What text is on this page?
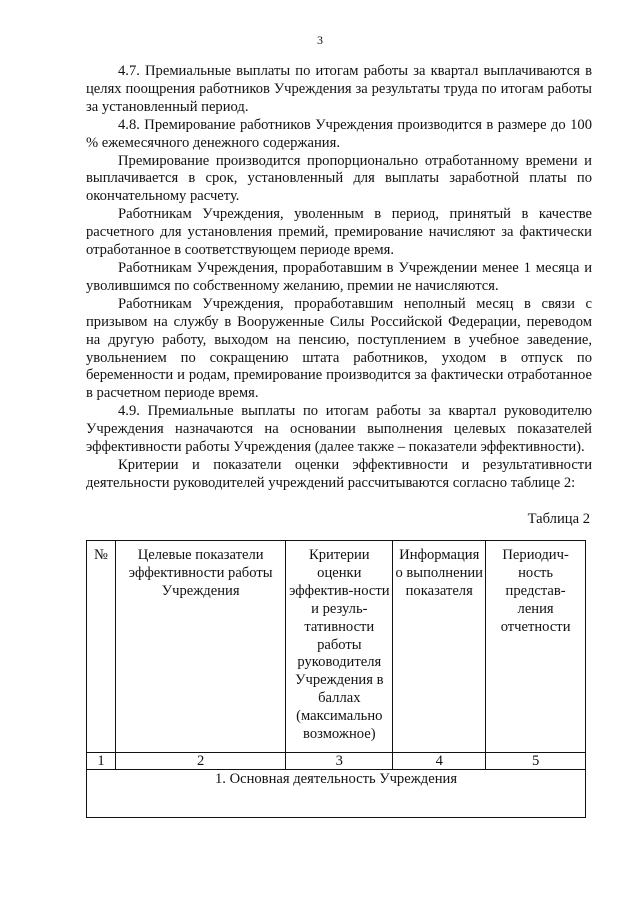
3

4.7. Премиальные выплаты по итогам работы за квартал выплачиваются в целях поощрения работников Учреждения за результаты труда по итогам работы за установленный период.

4.8. Премирование работников Учреждения производится в размере до 100 % ежемесячного денежного содержания.

Премирование производится пропорционально отработанному времени и выплачивается в срок, установленный для выплаты заработной платы по окончательному расчету.

Работникам Учреждения, уволенным в период, принятый в качестве расчетного для установления премий, премирование начисляют за фактически отработанное в соответствующем периоде время.

Работникам Учреждения, проработавшим в Учреждении менее 1 месяца и уволившимся по собственному желанию, премии не начисляются.

Работникам Учреждения, проработавшим неполный месяц в связи с призывом на службу в Вооруженные Силы Российской Федерации, переводом на другую работу, выходом на пенсию, поступлением в учебное заведение, увольнением по сокращению штата работников, уходом в отпуск по беременности и родам, премирование производится за фактически отработанное в расчетном периоде время.

4.9. Премиальные выплаты по итогам работы за квартал руководителю Учреждения назначаются на основании выполнения целевых показателей эффективности работы Учреждения (далее также – показатели эффективности).

Критерии и показатели оценки эффективности и результативности деятельности руководителей учреждений рассчитываются согласно таблице 2:

Таблица 2
№	Целевые показатели эффективности работы Учреждения	Критерии оценки эффектив-ности и резуль-тативности работы руководителя Учреждения в баллах (максимально возможное)	Информация о выполнении показателя	Периодич-ность представ-ления отчетности
1	2	3	4	5
1. Основная деятельность Учреждения				
